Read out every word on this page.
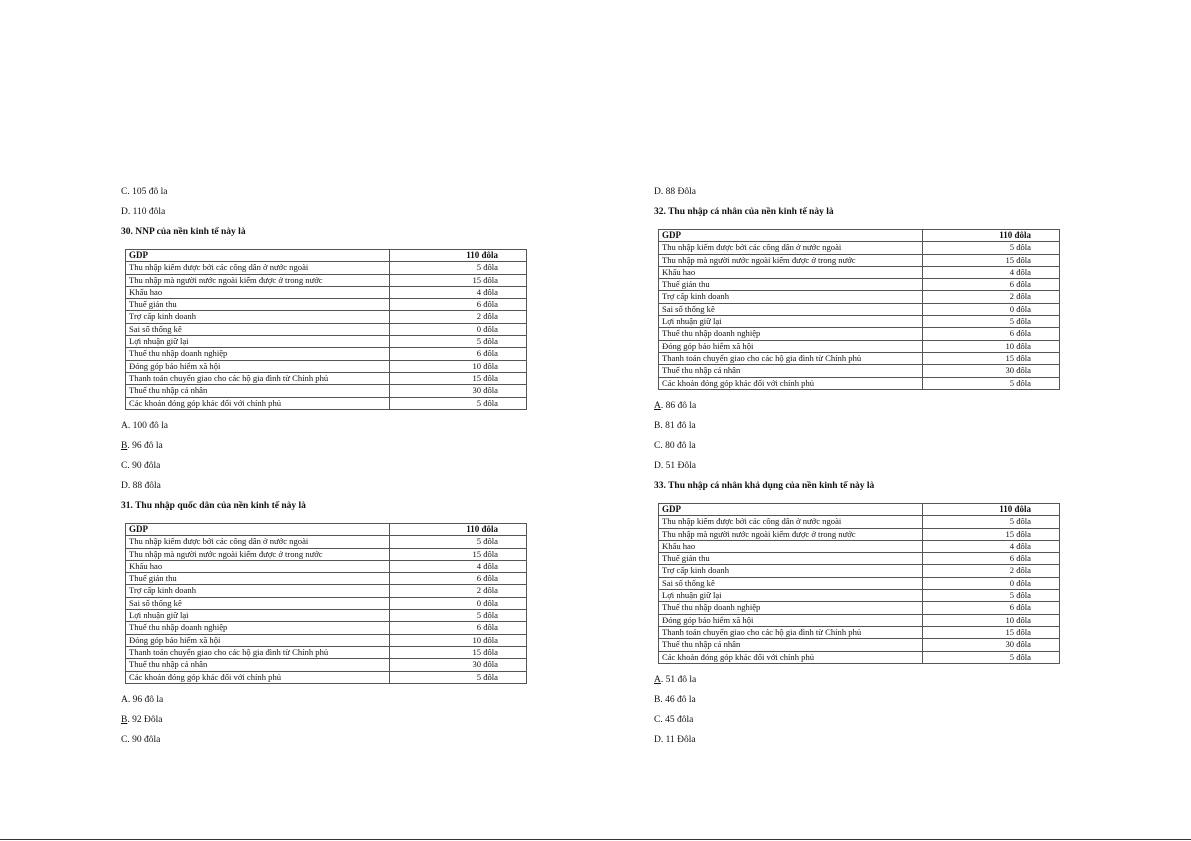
C. 105 đô la
D. 110 đôla
30. NNP của nền kinh tế này là
GDP	110 đôla
Thu nhập kiếm được bởi các công dân ở nước ngoài	5 đôla
Thu nhập mà người nước ngoài kiếm được ở trong nước	15 đôla
Khấu hao	4 đôla
Thuế gián thu	6 đôla
Trợ cấp kinh doanh	2 đôla
Sai số thống kê	0 đôla
Lợi nhuận giữ lại	5 đôla
Thuế thu nhập doanh nghiệp	6 đôla
Đóng góp bảo hiểm xã hội	10 đôla
Thanh toán chuyển giao cho các hộ gia đình từ Chính phủ	15 đôla
Thuế thu nhập cá nhân	30 đôla
Các khoản đóng góp khác đối với chính phủ	5 đôla
A. 100 đô la
B. 96 đô la
C. 90 đôla
D. 88 đôla
31. Thu nhập quốc dân của nền kinh tế này là
GDP	110 đôla
Thu nhập kiếm được bởi các công dân ở nước ngoài	5 đôla
Thu nhập mà người nước ngoài kiếm được ở trong nước	15 đôla
Khấu hao	4 đôla
Thuế gián thu	6 đôla
Trợ cấp kinh doanh	2 đôla
Sai số thống kê	0 đôla
Lợi nhuận giữ lại	5 đôla
Thuế thu nhập doanh nghiệp	6 đôla
Đóng góp bảo hiểm xã hội	10 đôla
Thanh toán chuyển giao cho các hộ gia đình từ Chính phủ	15 đôla
Thuế thu nhập cá nhân	30 đôla
Các khoản đóng góp khác đối với chính phủ	5 đôla
A. 96 đô la
B. 92 Đôla
C. 90 đôla
D. 88 Đôla
32. Thu nhập cá nhân của nền kinh tế này là
GDP	110 đôla
Thu nhập kiếm được bởi các công dân ở nước ngoài	5 đôla
Thu nhập mà người nước ngoài kiếm được ở trong nước	15 đôla
Khấu hao	4 đôla
Thuế gián thu	6 đôla
Trợ cấp kinh doanh	2 đôla
Sai số thống kê	0 đôla
Lợi nhuận giữ lại	5 đôla
Thuế thu nhập doanh nghiệp	6 đôla
Đóng góp bảo hiểm xã hội	10 đôla
Thanh toán chuyển giao cho các hộ gia đình từ Chính phủ	15 đôla
Thuế thu nhập cá nhân	30 đôla
Các khoản đóng góp khác đối với chính phủ	5 đôla
A. 86 đô la
B. 81 đô la
C. 80 đô la
D. 51 Đôla
33. Thu nhập cá nhân khả dụng của nền kinh tế này là
GDP	110 đôla
Thu nhập kiếm được bởi các công dân ở nước ngoài	5 đôla
Thu nhập mà người nước ngoài kiếm được ở trong nước	15 đôla
Khấu hao	4 đôla
Thuế gián thu	6 đôla
Trợ cấp kinh doanh	2 đôla
Sai số thống kê	0 đôla
Lợi nhuận giữ lại	5 đôla
Thuế thu nhập doanh nghiệp	6 đôla
Đóng góp bảo hiểm xã hội	10 đôla
Thanh toán chuyển giao cho các hộ gia đình từ Chính phủ	15 đôla
Thuế thu nhập cá nhân	30 đôla
Các khoản đóng góp khác đối với chính phủ	5 đôla
A. 51 đô la
B. 46 đô la
C. 45 đôla
D. 11 Đôla
